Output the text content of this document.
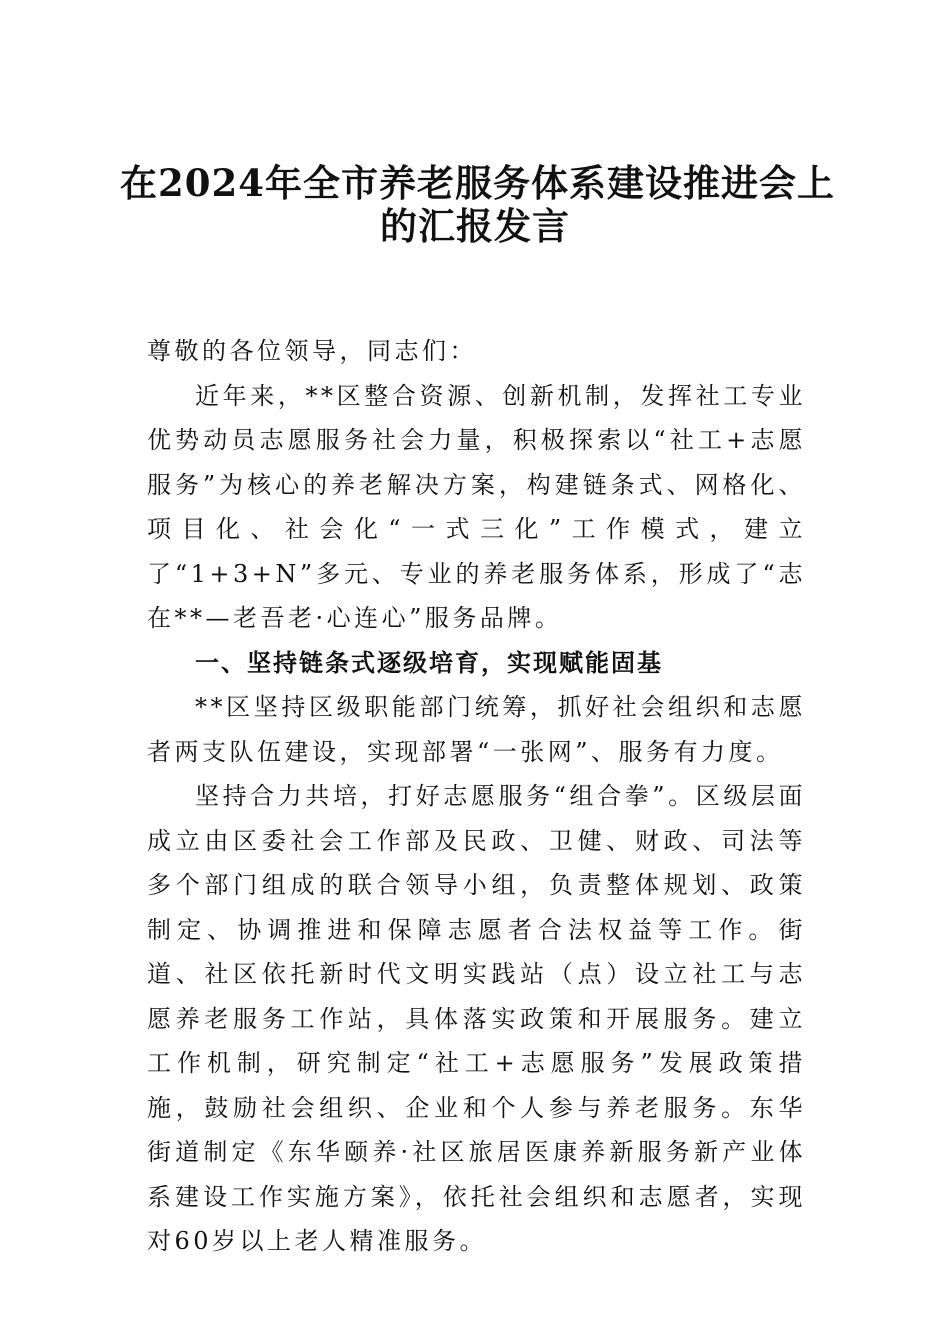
在2024年全市养老服务体系建设推进会上
的汇报发言

尊敬的各位领导，同志们：

近年来，**区整合资源、创新机制，发挥社工专业优势动员志愿服务社会力量，积极探索以“社工+志愿服务”为核心的养老解决方案，构建链条式、网格化、项目化、社会化“一式三化”工作模式，建立了“1+3+N”多元、专业的养老服务体系，形成了“志在**—老吾老·心连心”服务品牌。

一、坚持链条式逐级培育，实现赋能固基

**区坚持区级职能部门统筹，抓好社会组织和志愿者两支队伍建设，实现部署“一张网”、服务有力度。

坚持合力共培，打好志愿服务“组合拳”。区级层面成立由区委社会工作部及民政、卫健、财政、司法等多个部门组成的联合领导小组，负责整体规划、政策制定、协调推进和保障志愿者合法权益等工作。街道、社区依托新时代文明实践站（点）设立社工与志愿养老服务工作站，具体落实政策和开展服务。建立工作机制，研究制定“社工+志愿服务”发展政策措施，鼓励社会组织、企业和个人参与养老服务。东华街道制定《东华颐养·社区旅居医康养新服务新产业体系建设工作实施方案》，依托社会组织和志愿者，实现对60岁以上老人精准服务。
